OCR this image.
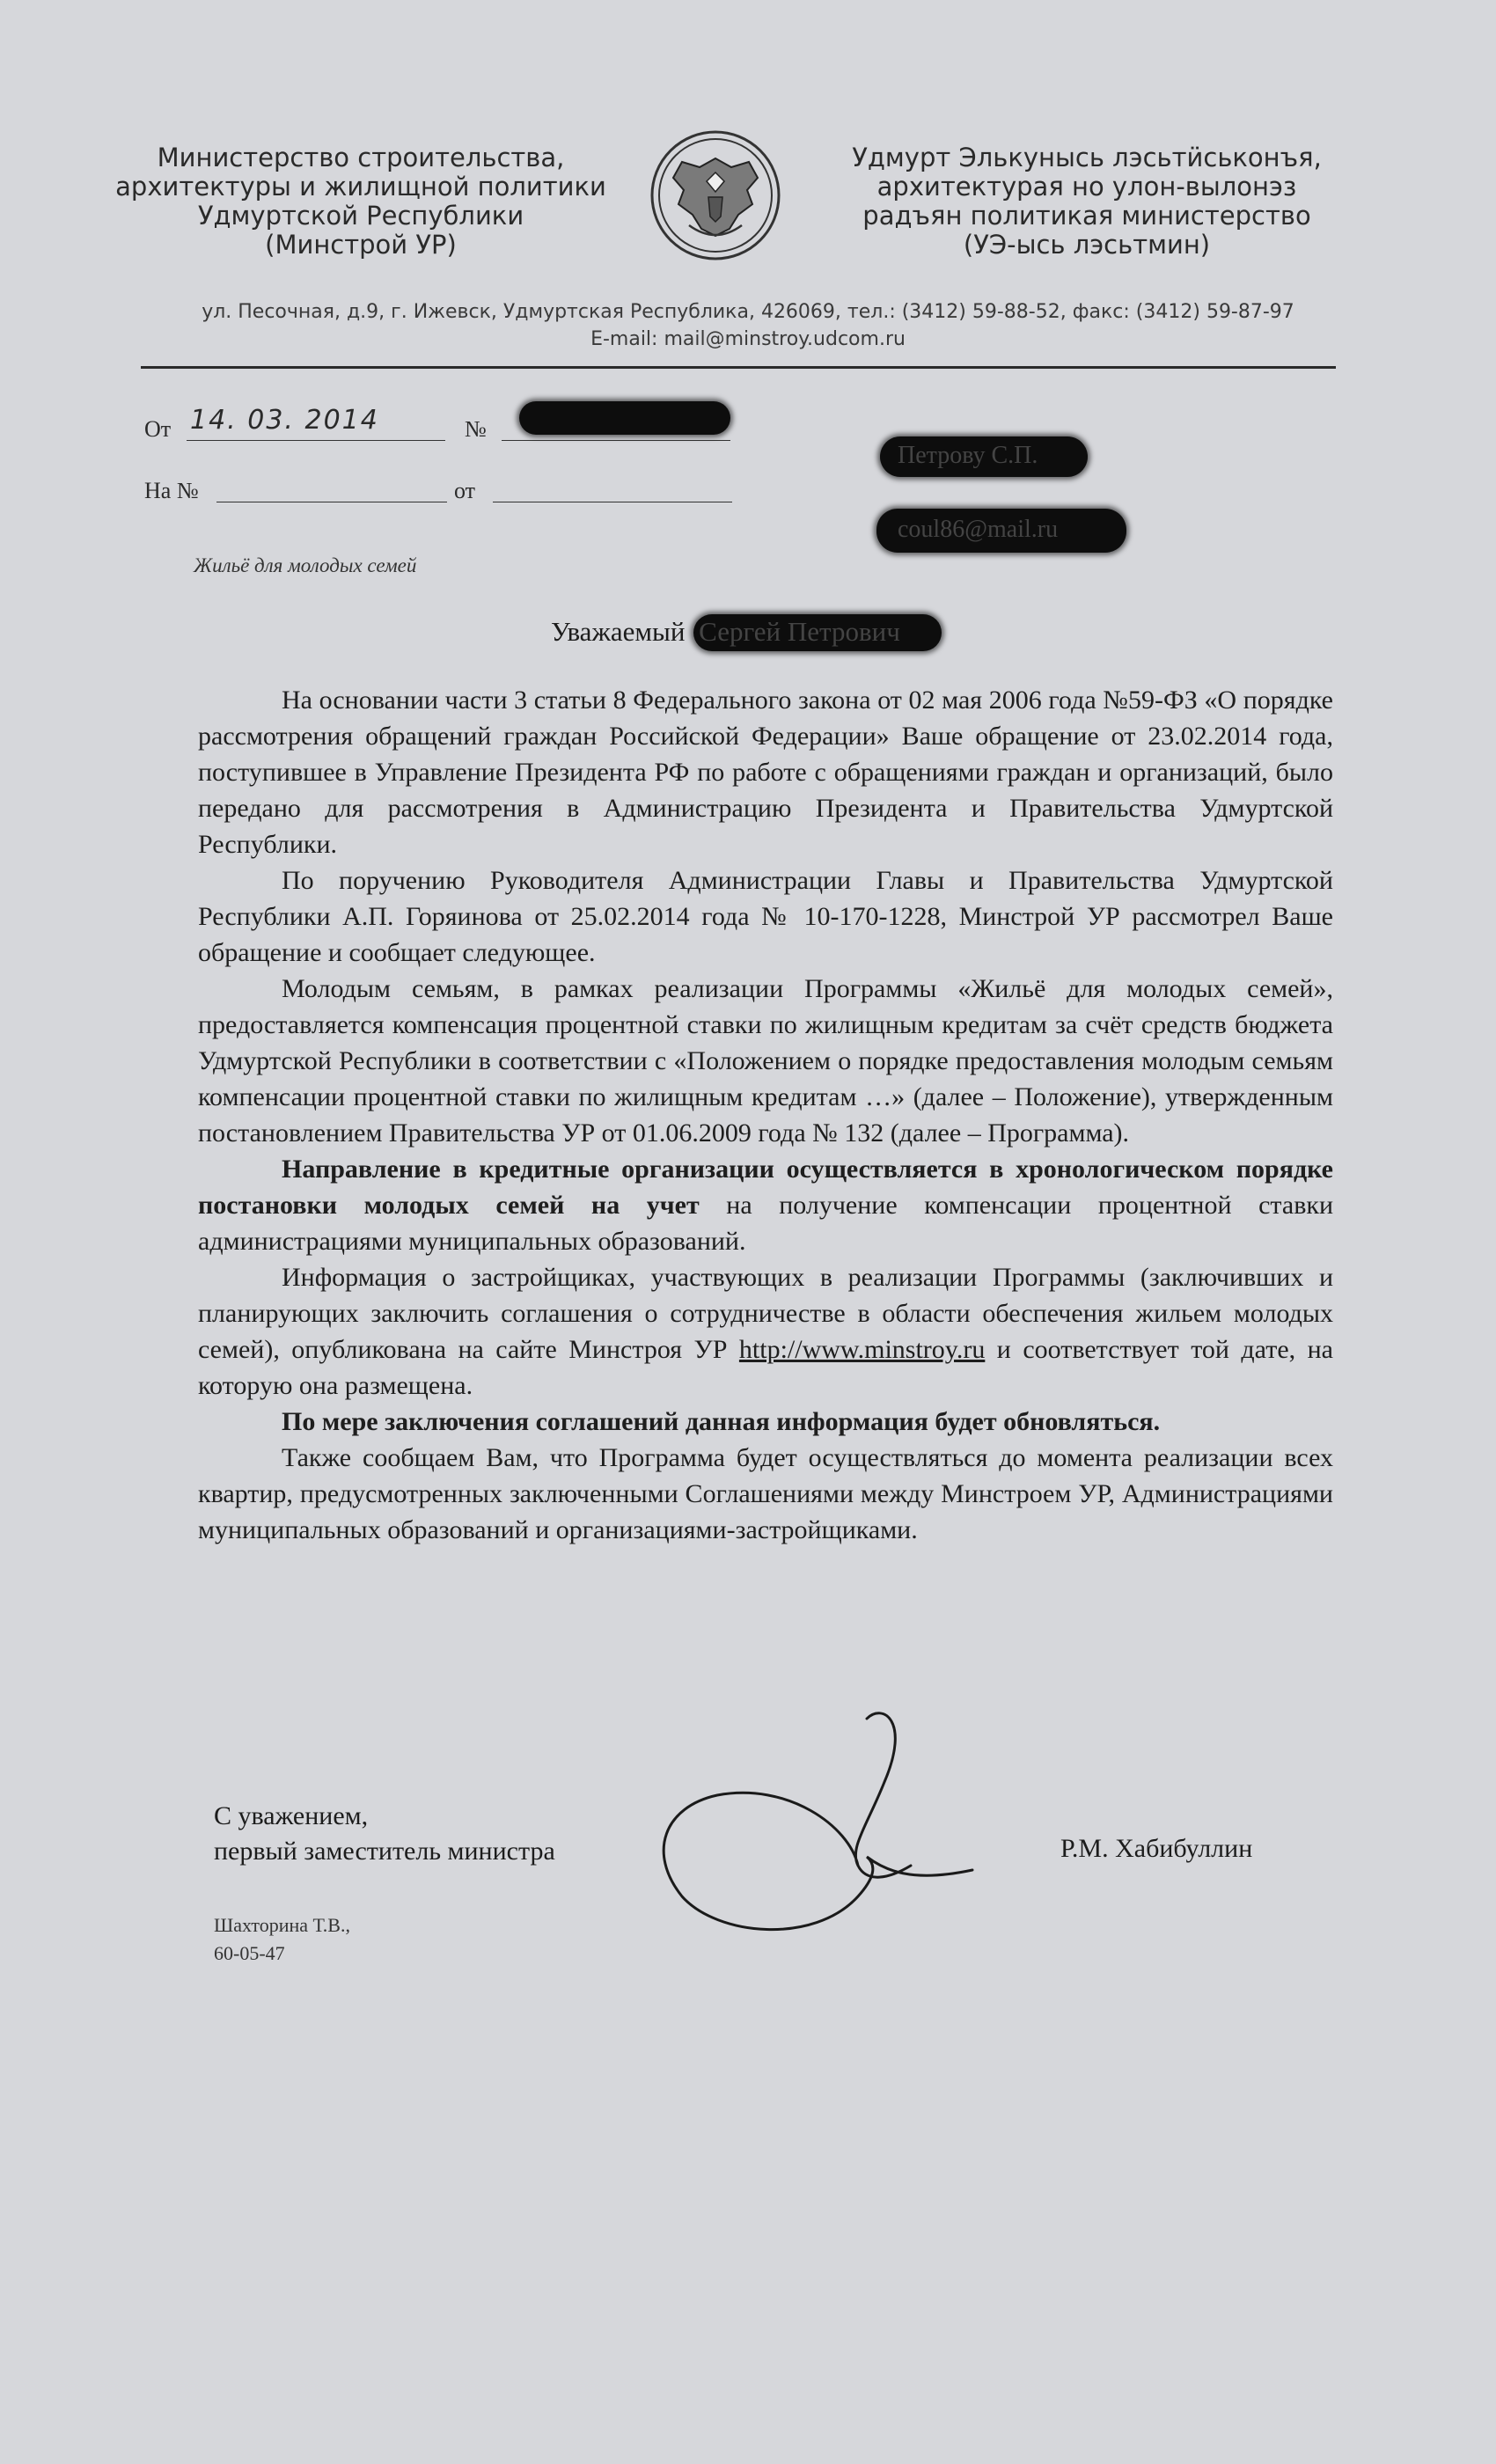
Министерство строительства,
архитектуры и жилищной политики
Удмуртской Республики
(Минстрой УР)
Удмурт Элькунысь лэсьтӥськонъя,
архитектурая но улон-вылонэз
радъян политикая министерство
(УЭ-ысь лэсьтмин)
ул. Песочная, д.9, г. Ижевск, Удмуртская Республика, 426069, тел.: (3412) 59-88-52, факс: (3412) 59-87-97
E-mail: mail@minstroy.udcom.ru
От 14. 03. 2014	№
На №	от
Петрову С.П.
coul86@mail.ru
Жильё для молодых семей
Уважаемый Сергей Петрович

На основании части 3 статьи 8 Федерального закона от 02 мая 2006 года №59-ФЗ «О порядке рассмотрения обращений граждан Российской Федерации» Ваше обращение от 23.02.2014 года, поступившее в Управление Президента РФ по работе с обращениями граждан и организаций, было передано для рассмотрения в Администрацию Президента и Правительства Удмуртской Республики.

По поручению Руководителя Администрации Главы и Правительства Удмуртской Республики А.П. Горяинова от 25.02.2014 года № 10-170-1228, Минстрой УР рассмотрел Ваше обращение и сообщает следующее.

Молодым семьям, в рамках реализации Программы «Жильё для молодых семей», предоставляется компенсация процентной ставки по жилищным кредитам за счёт средств бюджета Удмуртской Республики в соответствии с «Положением о порядке предоставления молодым семьям компенсации процентной ставки по жилищным кредитам …» (далее – Положение), утвержденным постановлением Правительства УР от 01.06.2009 года № 132 (далее – Программа).

Направление в кредитные организации осуществляется в хронологическом порядке постановки молодых семей на учет на получение компенсации процентной ставки администрациями муниципальных образований.

Информация о застройщиках, участвующих в реализации Программы (заключивших и планирующих заключить соглашения о сотрудничестве в области обеспечения жильем молодых семей), опубликована на сайте Минстроя УР http://www.minstroy.ru и соответствует той дате, на которую она размещена.

По мере заключения соглашений данная информация будет обновляться.

Также сообщаем Вам, что Программа будет осуществляться до момента реализации всех квартир, предусмотренных заключенными Соглашениями между Минстроем УР, Администрациями муниципальных образований и организациями-застройщиками.

С уважением,
первый заместитель министра	Р.М. Хабибуллин
Шахторина Т.В.,
60-05-47
